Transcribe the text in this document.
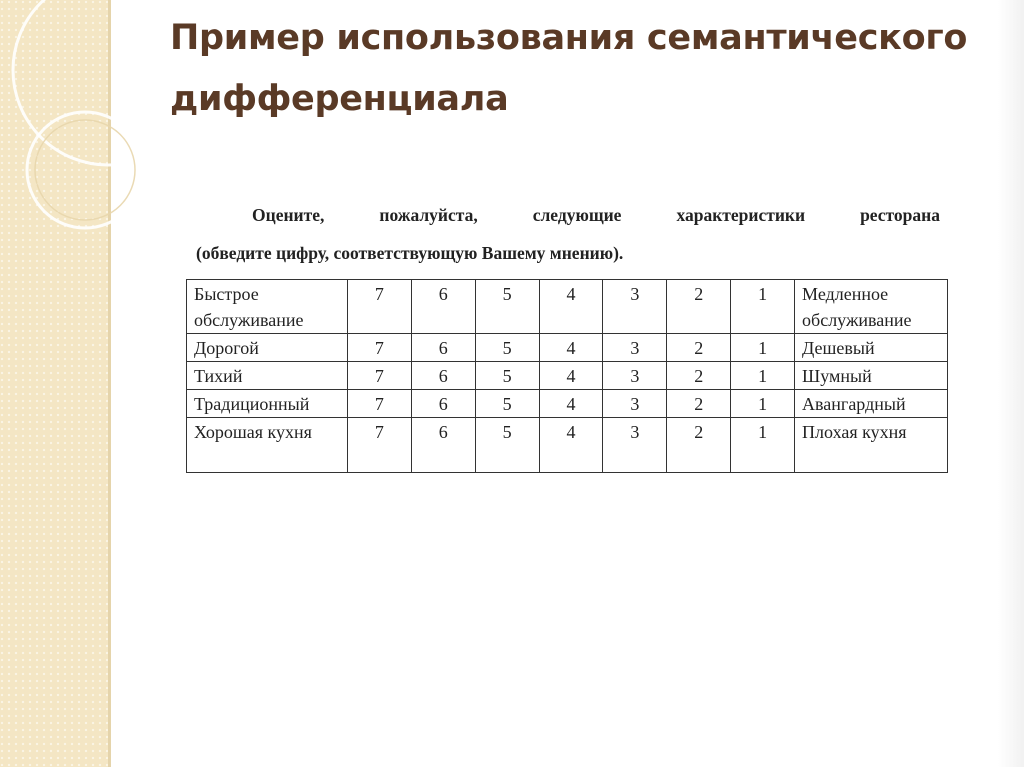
Пример использования семантического дифференциала
Оцените, пожалуйста, следующие характеристики ресторана
(обведите цифру, соответствующую Вашему мнению).
Быстрое обслуживание	7	6	5	4	3	2	1	Медленное обслуживание
Дорогой	7	6	5	4	3	2	1	Дешевый
Тихий	7	6	5	4	3	2	1	Шумный
Традиционный	7	6	5	4	3	2	1	Авангардный
Хорошая кухня	7	6	5	4	3	2	1	Плохая кухня
